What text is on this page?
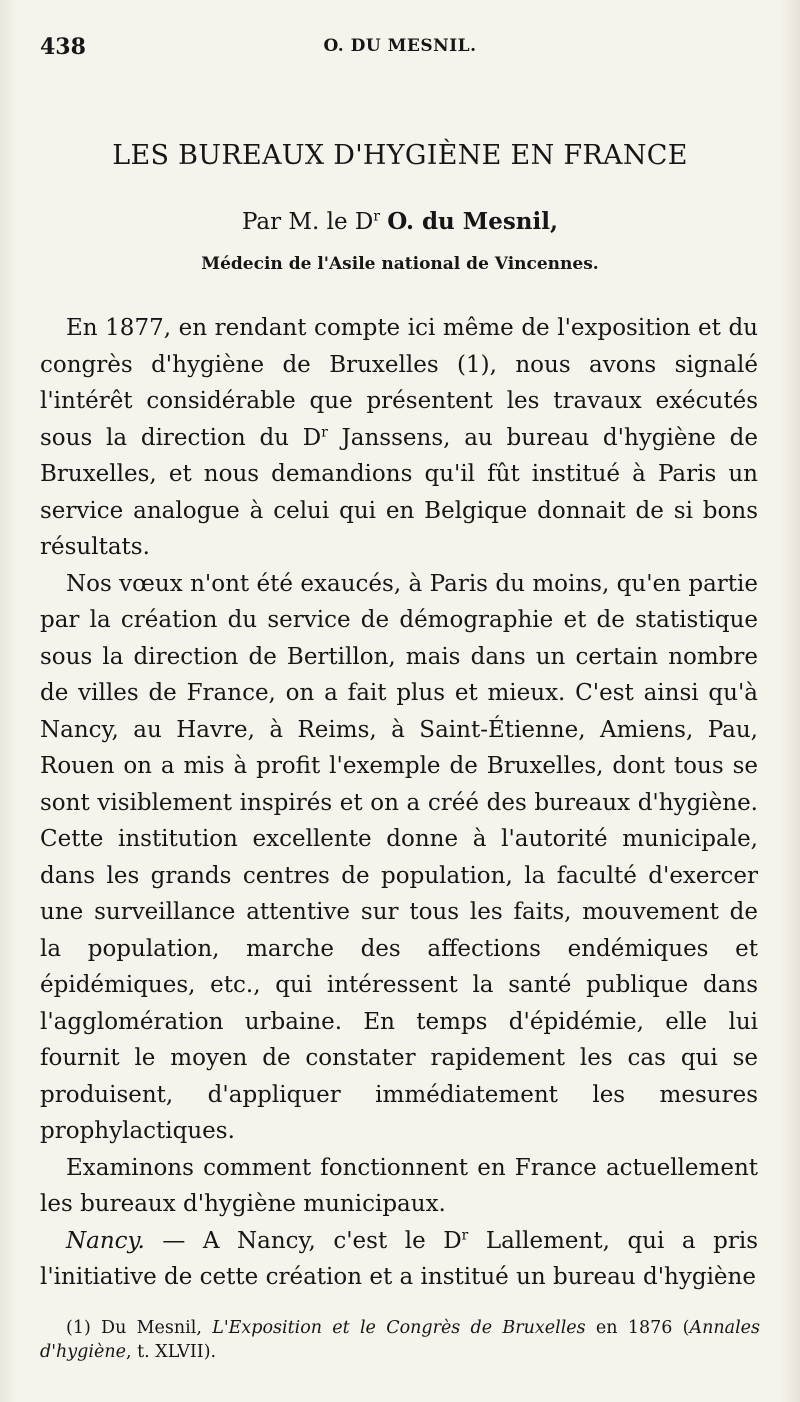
438	O. DU MESNIL.
LES BUREAUX D'HYGIÈNE EN FRANCE
Par M. le $D^r$ O. du Mesnil,
Médecin de l'Asile national de Vincennes.

En 1877, en rendant compte ici même de l'exposition et du congrès d'hygiène de Bruxelles (1), nous avons signalé l'intérêt considérable que présentent les travaux exécutés sous la direction du $D^r$ Janssens, au bureau d'hygiène de Bruxelles, et nous demandions qu'il fût institué à Paris un service analogue à celui qui en Belgique donnait de si bons résultats.

Nos vœux n'ont été exaucés, à Paris du moins, qu'en partie par la création du service de démographie et de statistique sous la direction de Bertillon, mais dans un certain nombre de villes de France, on a fait plus et mieux. C'est ainsi qu'à Nancy, au Havre, à Reims, à Saint-Étienne, Amiens, Pau, Rouen on a mis à profit l'exemple de Bruxelles, dont tous se sont visiblement inspirés et on a créé des bureaux d'hygiène. Cette institution excellente donne à l'autorité municipale, dans les grands centres de population, la faculté d'exercer une surveillance attentive sur tous les faits, mouvement de la population, marche des affections endémiques et épidémiques, etc., qui intéressent la santé publique dans l'agglomération urbaine. En temps d'épidémie, elle lui fournit le moyen de constater rapidement les cas qui se produisent, d'appliquer immédiatement les mesures prophylactiques.

Examinons comment fonctionnent en France actuellement les bureaux d'hygiène municipaux.

Nancy. — A Nancy, c'est le $D^r$ Lallement, qui a pris l'initiative de cette création et a institué un bureau d'hygiène

(1) Du Mesnil, L'Exposition et le Congrès de Bruxelles en 1876 (Annales d'hygiène, t. XLVII).
